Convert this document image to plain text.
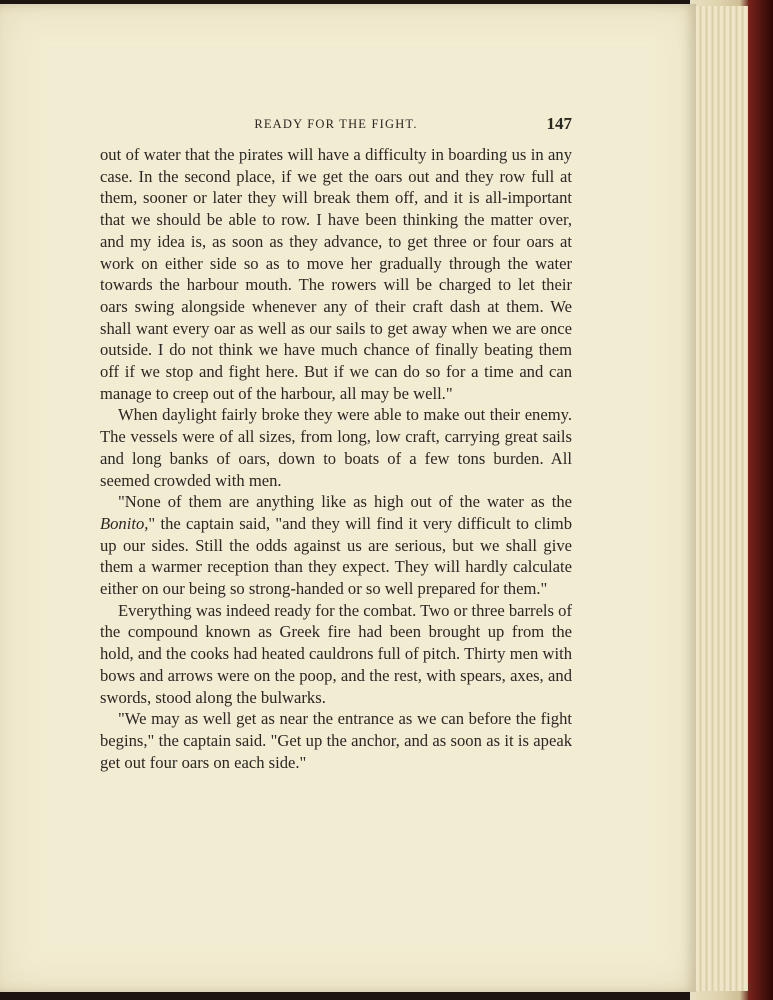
READY FOR THE FIGHT.	147

out of water that the pirates will have a difficulty in boarding us in any case. In the second place, if we get the oars out and they row full at them, sooner or later they will break them off, and it is all-important that we should be able to row. I have been thinking the matter over, and my idea is, as soon as they advance, to get three or four oars at work on either side so as to move her gradually through the water towards the harbour mouth. The rowers will be charged to let their oars swing alongside whenever any of their craft dash at them. We shall want every oar as well as our sails to get away when we are once outside. I do not think we have much chance of finally beating them off if we stop and fight here. But if we can do so for a time and can manage to creep out of the harbour, all may be well."

When daylight fairly broke they were able to make out their enemy. The vessels were of all sizes, from long, low craft, carrying great sails and long banks of oars, down to boats of a few tons burden. All seemed crowded with men.

"None of them are anything like as high out of the water as the Bonito," the captain said, "and they will find it very difficult to climb up our sides. Still the odds against us are serious, but we shall give them a warmer reception than they expect. They will hardly calculate either on our being so strong-handed or so well prepared for them."

Everything was indeed ready for the combat. Two or three barrels of the compound known as Greek fire had been brought up from the hold, and the cooks had heated cauldrons full of pitch. Thirty men with bows and arrows were on the poop, and the rest, with spears, axes, and swords, stood along the bulwarks.

"We may as well get as near the entrance as we can before the fight begins," the captain said. "Get up the anchor, and as soon as it is apeak get out four oars on each side."
